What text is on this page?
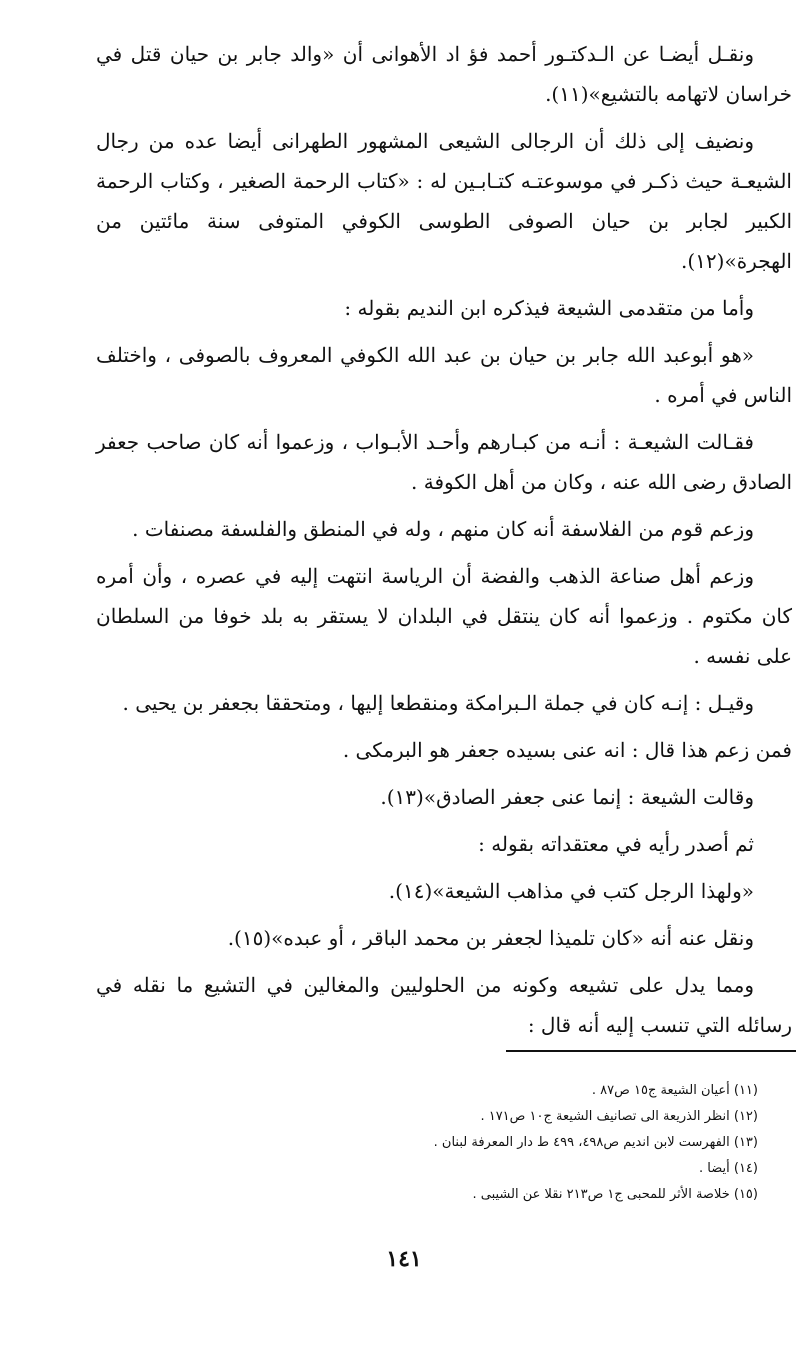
ونقـل أيضـا عن الـدكتـور أحمد فؤ اد الأهوانى أن «والد جابر بن حيان قتل في خراسان لاتهامه بالتشيع»(١١).

ونضيف إلى ذلك أن الرجالى الشيعى المشهور الطهرانى أيضا عده من رجال الشيعـة حيث ذكـر في موسوعتـه كتـابـين له : «كتاب الرحمة الصغير ، وكتاب الرحمة الكبير لجابر بن حيان الصوفى الطوسى الكوفي المتوفى سنة مائتين من الهجرة»(١٢).

وأما من متقدمى الشيعة فيذكره ابن النديم بقوله :

«هو أبوعبد الله جابر بن حيان بن عبد الله الكوفي المعروف بالصوفى ، واختلف الناس في أمره .

فقـالت الشيعـة : أنـه من كبـارهم وأحـد الأبـواب ، وزعموا أنه كان صاحب جعفر الصادق رضى الله عنه ، وكان من أهل الكوفة .

وزعم قوم من الفلاسفة أنه كان منهم ، وله في المنطق والفلسفة مصنفات .

وزعم أهل صناعة الذهب والفضة أن الرياسة انتهت إليه في عصره ، وأن أمره كان مكتوم . وزعموا أنه كان ينتقل في البلدان لا يستقر به بلد خوفا من السلطان على نفسه .

وقيـل : إنـه كان في جملة الـبرامكة ومنقطعا إليها ، ومتحققا بجعفر بن يحيى .

فمن زعم هذا قال : انه عنى بسيده جعفر هو البرمكى .

وقالت الشيعة : إنما عنى جعفر الصادق»(١٣).

ثم أصدر رأيه في معتقداته بقوله :

«ولهذا الرجل كتب في مذاهب الشيعة»(١٤).

ونقل عنه أنه «كان تلميذا لجعفر بن محمد الباقر ، أو عبده»(١٥).

ومما يدل على تشيعه وكونه من الحلوليين والمغالين في التشيع ما نقله في رسائله التي تنسب إليه أنه قال :

(١١) أعيان الشيعة ج١٥ ص٨٧ .
(١٢) انظر الذريعة الى تصانيف الشيعة ج١٠ ص١٧١ .
(١٣) الفهرست لابن انديم ص٤٩٨، ٤٩٩ ط دار المعرفة لبنان .
(١٤) أيضا .
(١٥) خلاصة الأثر للمحبى ج١ ص٢١٣ نقلا عن الشيبى .
١٤١
